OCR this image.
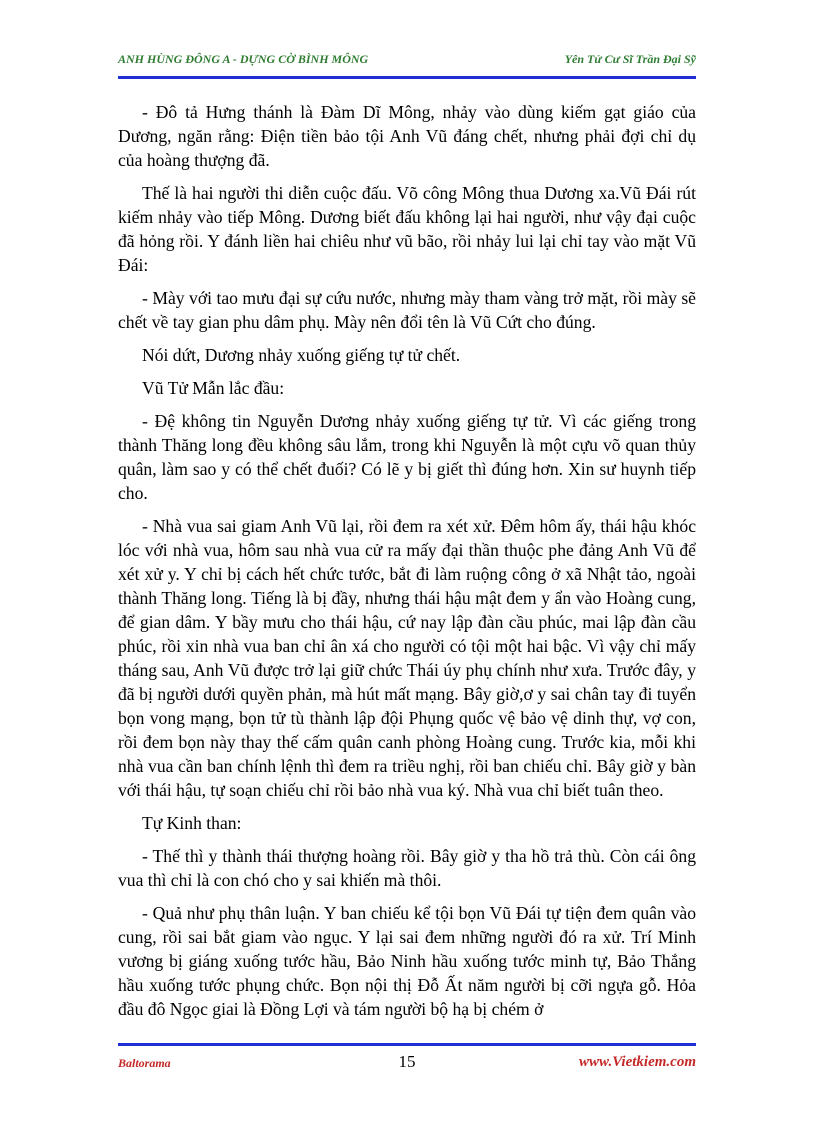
ANH HÙNG ĐÔNG A - DỰNG CỜ BÌNH MÔNG	Yên Tử Cư Sĩ Trần Đại Sỹ

- Đô tả Hưng thánh là Đàm Dĩ Mông, nhảy vào dùng kiếm gạt giáo của Dương, ngăn rằng: Điện tiền bảo tội Anh Vũ đáng chết, nhưng phải đợi chỉ dụ của hoàng thượng đã.

Thế là hai người thi diễn cuộc đấu. Võ công Mông thua Dương xa.Vũ Đái rút kiếm nhảy vào tiếp Mông. Dương biết đấu không lại hai người, như vậy đại cuộc đã hỏng rồi. Y đánh liền hai chiêu như vũ bão, rồi nhảy lui lại chỉ tay vào mặt Vũ Đái:

- Mày với tao mưu đại sự cứu nước, nhưng mày tham vàng trở mặt, rồi mày sẽ chết về tay gian phu dâm phụ. Mày nên đổi tên là Vũ Cứt cho đúng.

Nói dứt, Dương nhảy xuống giếng tự tử chết.

Vũ Tử Mẫn lắc đầu:

- Đệ không tin Nguyễn Dương nhảy xuống giếng tự tử. Vì các giếng trong thành Thăng long đều không sâu lắm, trong khi Nguyễn là một cựu võ quan thủy quân, làm sao y có thể chết đuối? Có lẽ y bị giết thì đúng hơn. Xin sư huynh tiếp cho.

- Nhà vua sai giam Anh Vũ lại, rồi đem ra xét xử. Đêm hôm ấy, thái hậu khóc lóc với nhà vua, hôm sau nhà vua cử ra mấy đại thần thuộc phe đảng Anh Vũ để xét xử y. Y chỉ bị cách hết chức tước, bắt đi làm ruộng công ở xã Nhật tảo, ngoài thành Thăng long. Tiếng là bị đầy, nhưng thái hậu mật đem y ẩn vào Hoàng cung, để gian dâm. Y bầy mưu cho thái hậu, cứ nay lập đàn cầu phúc, mai lập đàn cầu phúc, rồi xin nhà vua ban chỉ ân xá cho người có tội một hai bậc. Vì vậy chỉ mấy tháng sau, Anh Vũ được trở lại giữ chức Thái úy phụ chính như xưa. Trước đây, y đã bị người dưới quyền phản, mà hút mất mạng. Bây giờ,ơ y sai chân tay đi tuyển bọn vong mạng, bọn tử tù thành lập đội Phụng quốc vệ bảo vệ dinh thự, vợ con, rồi đem bọn này thay thế cấm quân canh phòng Hoàng cung. Trước kia, mỗi khi nhà vua cần ban chính lệnh thì đem ra triều nghị, rồi ban chiếu chỉ. Bây giờ y bàn với thái hậu, tự soạn chiếu chỉ rồi bảo nhà vua ký. Nhà vua chỉ biết tuân theo.

Tự Kinh than:

- Thế thì y thành thái thượng hoàng rồi. Bây giờ y tha hồ trả thù. Còn cái ông vua thì chỉ là con chó cho y sai khiến mà thôi.

- Quả như phụ thân luận. Y ban chiếu kể tội bọn Vũ Đái tự tiện đem quân vào cung, rồi sai bắt giam vào ngục. Y lại sai đem những người đó ra xử. Trí Minh vương bị giáng xuống tước hầu, Bảo Ninh hầu xuống tước minh tự, Bảo Thắng hầu xuống tước phụng chức. Bọn nội thị Đỗ Ất năm người bị cỡi ngựa gỗ. Hỏa đầu đô Ngọc giai là Đồng Lợi và tám người bộ hạ bị chém ở

Baltorama	15	www.Vietkiem.com
